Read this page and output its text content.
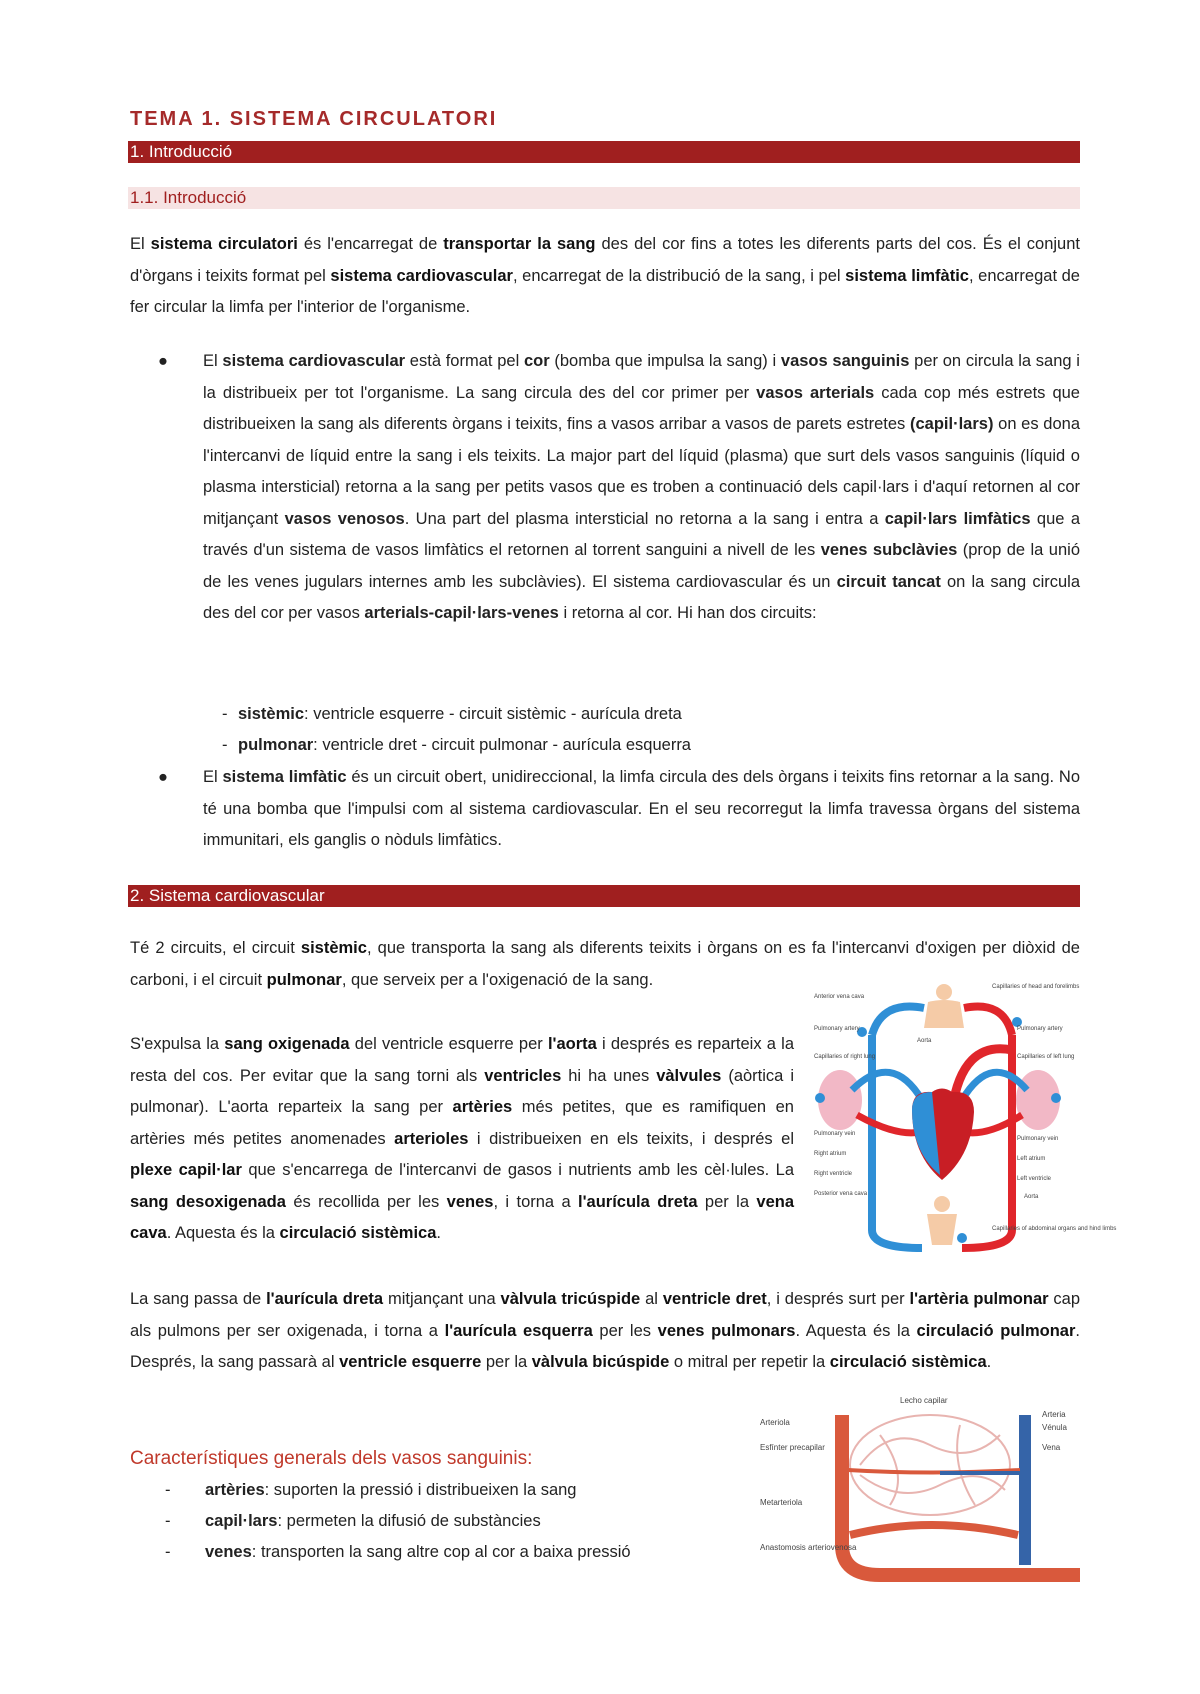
TEMA 1. SISTEMA CIRCULATORI
1. Introducció
1.1. Introducció

El sistema circulatori és l'encarregat de transportar la sang des del cor fins a totes les diferents parts del cos. És el conjunt d'òrgans i teixits format pel sistema cardiovascular, encarregat de la distribució de la sang, i pel sistema limfàtic, encarregat de fer circular la limfa per l'interior de l'organisme.

● El sistema cardiovascular està format pel cor (bomba que impulsa la sang) i vasos sanguinis per on circula la sang i la distribueix per tot l'organisme. La sang circula des del cor primer per vasos arterials cada cop més estrets que distribueixen la sang als diferents òrgans i teixits, fins a vasos arribar a vasos de parets estretes (capil·lars) on es dona l'intercanvi de líquid entre la sang i els teixits. La major part del líquid (plasma) que surt dels vasos sanguinis (líquid o plasma intersticial) retorna a la sang per petits vasos que es troben a continuació dels capil·lars i d'aquí retornen al cor mitjançant vasos venosos. Una part del plasma intersticial no retorna a la sang i entra a capil·lars limfàtics que a través d'un sistema de vasos limfàtics el retornen al torrent sanguini a nivell de les venes subclàvies (prop de la unió de les venes jugulars internes amb les subclàvies). El sistema cardiovascular és un circuit tancat on la sang circula des del cor per vasos arterials-capil·lars-venes i retorna al cor. Hi han dos circuits:
- sistèmic: ventricle esquerre - circuit sistèmic - aurícula dreta
- pulmonar: ventricle dret - circuit pulmonar - aurícula esquerra
● El sistema limfàtic és un circuit obert, unidireccional, la limfa circula des dels òrgans i teixits fins retornar a la sang. No té una bomba que l'impulsi com al sistema cardiovascular. En el seu recorregut la limfa travessa òrgans del sistema immunitari, els ganglis o nòduls limfàtics.
2. Sistema cardiovascular

Té 2 circuits, el circuit sistèmic, que transporta la sang als diferents teixits i òrgans on es fa l'intercanvi d'oxigen per diòxid de carboni, i el circuit pulmonar, que serveix per a l'oxigenació de la sang.

S'expulsa la sang oxigenada del ventricle esquerre per l'aorta i després es reparteix a la resta del cos. Per evitar que la sang torni als ventricles hi ha unes vàlvules (aòrtica i pulmonar). L'aorta reparteix la sang per artèries més petites, que es ramifiquen en artèries més petites anomenades arterioles i distribueixen en els teixits, i després el plexe capil·lar que s'encarrega de l'intercanvi de gasos i nutrients amb les cèl·lules. La sang desoxigenada és recollida per les venes, i torna a l'aurícula dreta per la vena cava. Aquesta és la circulació sistèmica.

La sang passa de l'aurícula dreta mitjançant una vàlvula tricúspide al ventricle dret, i després surt per l'artèria pulmonar cap als pulmons per ser oxigenada, i torna a l'aurícula esquerra per les venes pulmonars. Aquesta és la circulació pulmonar. Després, la sang passarà al ventricle esquerre per la vàlvula bicúspide o mitral per repetir la circulació sistèmica.

Característiques generals dels vasos sanguinis:
- artèries: suporten la pressió i distribueixen la sang
- capil·lars: permeten la difusió de substàncies
- venes: transporten la sang altre cop al cor a baixa pressió
Anterior vena cava
Pulmonary artery
Capillaries of right lung
Aorta
Pulmonary vein
Right atrium
Right ventricle
Posterior vena cava
Capillaries of head and forelimbs
Pulmonary artery
Capillaries of left lung
Pulmonary vein
Left atrium
Left ventricle
Aorta
Capillaries of abdominal organs and hind limbs
Lecho capilar
Arteriola
Esfínter precapilar
Metarteriola
Anastomosis arteriovenosa
Arteria
Vénula
Vena
